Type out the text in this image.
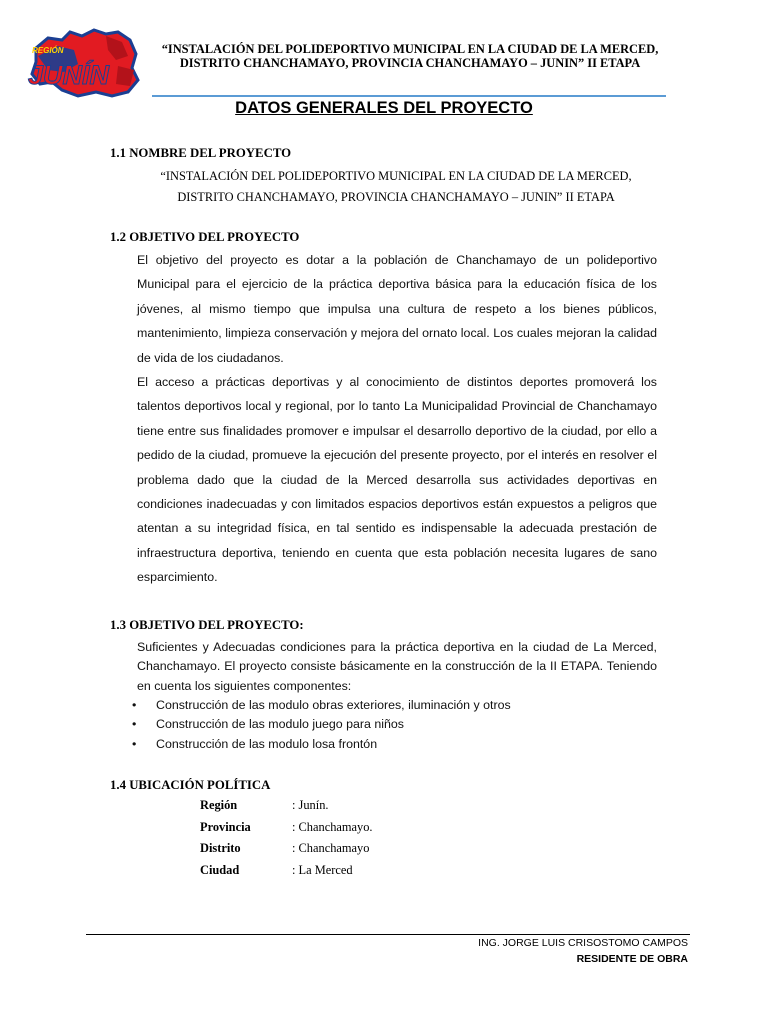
REGIÓN
JUNÍN
“INSTALACIÓN DEL POLIDEPORTIVO MUNICIPAL EN LA CIUDAD DE LA MERCED, DISTRITO CHANCHAMAYO, PROVINCIA CHANCHAMAYO – JUNIN” II ETAPA
DATOS GENERALES DEL PROYECTO
1.1 NOMBRE DEL PROYECTO
“INSTALACIÓN DEL POLIDEPORTIVO MUNICIPAL EN LA CIUDAD DE LA MERCED,
DISTRITO CHANCHAMAYO, PROVINCIA CHANCHAMAYO – JUNIN” II ETAPA
1.2 OBJETIVO DEL PROYECTO

El objetivo del proyecto es dotar a la población de Chanchamayo de un polideportivo Municipal para el ejercicio de la práctica deportiva básica para la educación física de los jóvenes, al mismo tiempo que impulsa una cultura de respeto a los bienes públicos, mantenimiento, limpieza conservación y mejora del ornato local. Los cuales mejoran la calidad de vida de los ciudadanos.

El acceso a prácticas deportivas y al conocimiento de distintos deportes promoverá los talentos deportivos local y regional, por lo tanto La Municipalidad Provincial de Chanchamayo tiene entre sus finalidades promover e impulsar el desarrollo deportivo de la ciudad, por ello a pedido de la ciudad, promueve la ejecución del presente proyecto, por el interés en resolver el problema dado que la ciudad de la Merced desarrolla sus actividades deportivas en condiciones inadecuadas y con limitados espacios deportivos están expuestos a peligros que atentan a su integridad física, en tal sentido es indispensable la adecuada prestación de infraestructura deportiva, teniendo en cuenta que esta población necesita lugares de sano esparcimiento.

1.3 OBJETIVO DEL PROYECTO:
Suficientes y Adecuadas condiciones para la práctica deportiva en la ciudad de La Merced, Chanchamayo. El proyecto consiste básicamente en la construcción de la II ETAPA. Teniendo en cuenta los siguientes componentes:
• Construcción de las modulo obras exteriores, iluminación y otros
• Construcción de las modulo juego para niños
• Construcción de las modulo losa frontón
1.4 UBICACIÓN POLÍTICA
Región	: Junín.
Provincia	: Chanchamayo.
Distrito	: Chanchamayo
Ciudad	: La Merced
ING. JORGE LUIS CRISOSTOMO CAMPOS
RESIDENTE DE OBRA
